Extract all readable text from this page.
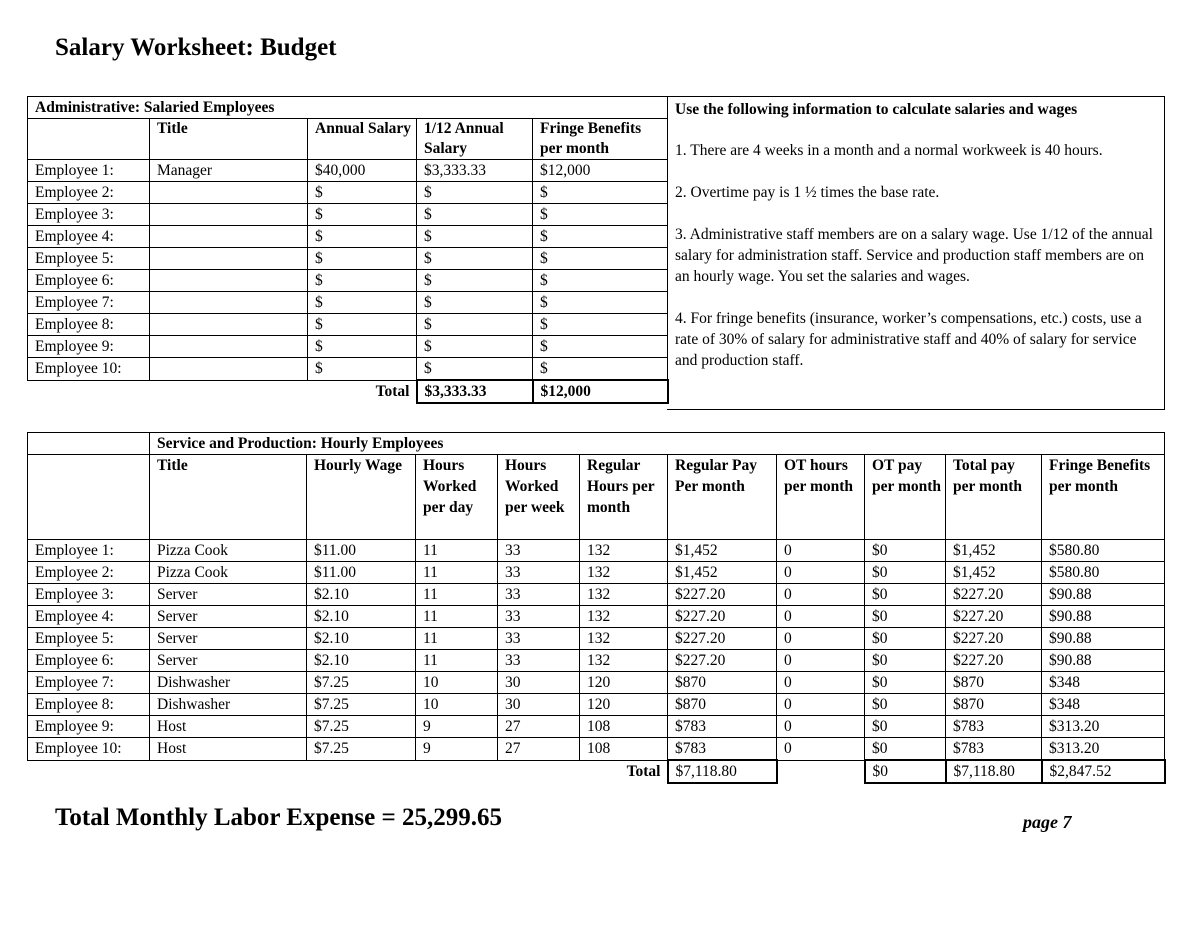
Salary Worksheet: Budget
Administrative: Salaried Employees				
	Title	Annual Salary	1/12 Annual Salary	Fringe Benefits per month
Employee 1:	Manager	$40,000	$3,333.33	$12,000
Employee 2:		$	$	$
Employee 3:		$	$	$
Employee 4:		$	$	$
Employee 5:		$	$	$
Employee 6:		$	$	$
Employee 7:		$	$	$
Employee 8:		$	$	$
Employee 9:		$	$	$
Employee 10:		$	$	$
Total			$3,333.33	$12,000
Use the following information to calculate salaries and wages

1. There are 4 weeks in a month and a normal workweek is 40 hours.

2. Overtime pay is 1 ½ times the base rate.

3. Administrative staff members are on a salary wage. Use 1/12 of the annual salary for administration staff. Service and production staff members are on an hourly wage. You set the salaries and wages.

4. For fringe benefits (insurance, worker’s compensations, etc.) costs, use a rate of 30% of salary for administrative staff and 40% of salary for service and production staff.

	Service and Production: Hourly Employees									
	Title	Hourly Wage	Hours Worked per day	Hours Worked per week	Regular Hours per month	Regular Pay Per month	OT hours per month	OT pay per month	Total pay per month	Fringe Benefits per month
Employee 1:	Pizza Cook	$11.00	11	33	132	$1,452	0	$0	$1,452	$580.80
Employee 2:	Pizza Cook	$11.00	11	33	132	$1,452	0	$0	$1,452	$580.80
Employee 3:	Server	$2.10	11	33	132	$227.20	0	$0	$227.20	$90.88
Employee 4:	Server	$2.10	11	33	132	$227.20	0	$0	$227.20	$90.88
Employee 5:	Server	$2.10	11	33	132	$227.20	0	$0	$227.20	$90.88
Employee 6:	Server	$2.10	11	33	132	$227.20	0	$0	$227.20	$90.88
Employee 7:	Dishwasher	$7.25	10	30	120	$870	0	$0	$870	$348
Employee 8:	Dishwasher	$7.25	10	30	120	$870	0	$0	$870	$348
Employee 9:	Host	$7.25	9	27	108	$783	0	$0	$783	$313.20
Employee 10:	Host	$7.25	9	27	108	$783	0	$0	$783	$313.20
Total						$7,118.80		$0	$7,118.80	$2,847.52
Total Monthly Labor Expense = 25,299.65	page 7
